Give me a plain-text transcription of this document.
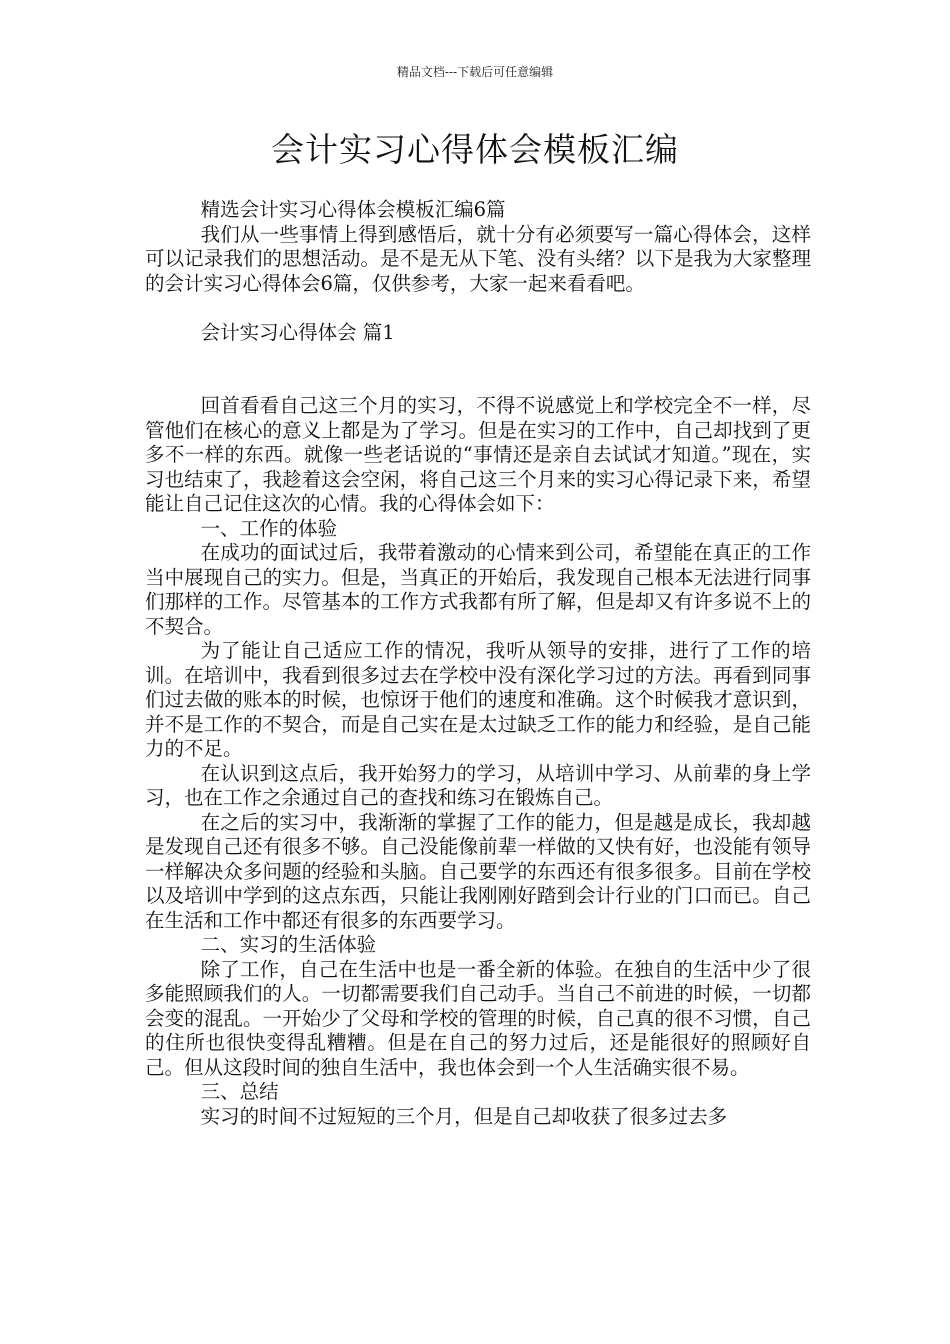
精品文档---下载后可任意编辑
会计实习心得体会模板汇编

精选会计实习心得体会模板汇编6篇

我们从一些事情上得到感悟后，就十分有必须要写一篇心得体会，这样可以记录我们的思想活动。是不是无从下笔、没有头绪？以下是我为大家整理的会计实习心得体会6篇，仅供参考，大家一起来看看吧。

会计实习心得体会 篇1

回首看看自己这三个月的实习，不得不说感觉上和学校完全不一样，尽管他们在核心的意义上都是为了学习。但是在实习的工作中，自己却找到了更多不一样的东西。就像一些老话说的“事情还是亲自去试试才知道。”现在，实习也结束了，我趁着这会空闲，将自己这三个月来的实习心得记录下来，希望能让自己记住这次的心情。我的心得体会如下：

一、工作的体验

在成功的面试过后，我带着激动的心情来到公司，希望能在真正的工作当中展现自己的实力。但是，当真正的开始后，我发现自己根本无法进行同事们那样的工作。尽管基本的工作方式我都有所了解，但是却又有许多说不上的不契合。

为了能让自己适应工作的情况，我听从领导的安排，进行了工作的培训。在培训中，我看到很多过去在学校中没有深化学习过的方法。再看到同事们过去做的账本的时候，也惊讶于他们的速度和准确。这个时候我才意识到，并不是工作的不契合，而是自己实在是太过缺乏工作的能力和经验，是自己能力的不足。

在认识到这点后，我开始努力的学习，从培训中学习、从前辈的身上学习，也在工作之余通过自己的查找和练习在锻炼自己。

在之后的实习中，我渐渐的掌握了工作的能力，但是越是成长，我却越是发现自己还有很多不够。自己没能像前辈一样做的又快有好，也没能有领导一样解决众多问题的经验和头脑。自己要学的东西还有很多很多。目前在学校以及培训中学到的这点东西，只能让我刚刚好踏到会计行业的门口而已。自己在生活和工作中都还有很多的东西要学习。

二、实习的生活体验

除了工作，自己在生活中也是一番全新的体验。在独自的生活中少了很多能照顾我们的人。一切都需要我们自己动手。当自己不前进的时候，一切都会变的混乱。一开始少了父母和学校的管理的时候，自己真的很不习惯，自己的住所也很快变得乱糟糟。但是在自己的努力过后，还是能很好的照顾好自己。但从这段时间的独自生活中，我也体会到一个人生活确实很不易。

三、总结

实习的时间不过短短的三个月，但是自己却收获了很多过去多
